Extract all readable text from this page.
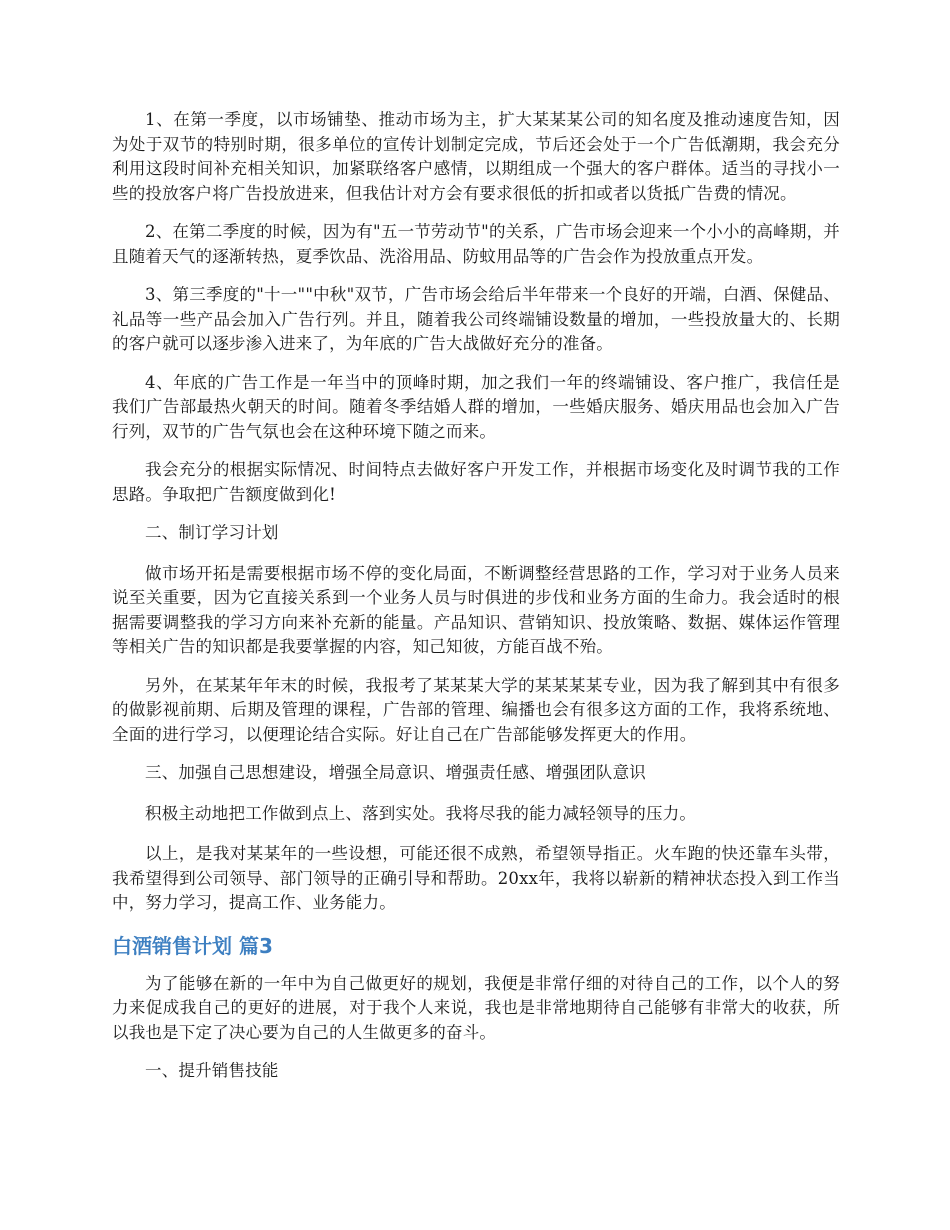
1、在第一季度，以市场铺垫、推动市场为主，扩大某某某公司的知名度及推动速度告知，因为处于双节的特别时期，很多单位的宣传计划制定完成，节后还会处于一个广告低潮期，我会充分利用这段时间补充相关知识，加紧联络客户感情，以期组成一个强大的客户群体。适当的寻找小一些的投放客户将广告投放进来，但我估计对方会有要求很低的折扣或者以货抵广告费的情况。

2、在第二季度的时候，因为有"五一节劳动节"的关系，广告市场会迎来一个小小的高峰期，并且随着天气的逐渐转热，夏季饮品、洗浴用品、防蚊用品等的广告会作为投放重点开发。

3、第三季度的"十一""中秋"双节，广告市场会给后半年带来一个良好的开端，白酒、保健品、礼品等一些产品会加入广告行列。并且，随着我公司终端铺设数量的增加，一些投放量大的、长期的客户就可以逐步渗入进来了，为年底的广告大战做好充分的准备。

4、年底的广告工作是一年当中的顶峰时期，加之我们一年的终端铺设、客户推广，我信任是我们广告部最热火朝天的时间。随着冬季结婚人群的增加，一些婚庆服务、婚庆用品也会加入广告行列，双节的广告气氛也会在这种环境下随之而来。

我会充分的根据实际情况、时间特点去做好客户开发工作，并根据市场变化及时调节我的工作思路。争取把广告额度做到化!

二、制订学习计划

做市场开拓是需要根据市场不停的变化局面，不断调整经营思路的工作，学习对于业务人员来说至关重要，因为它直接关系到一个业务人员与时俱进的步伐和业务方面的生命力。我会适时的根据需要调整我的学习方向来补充新的能量。产品知识、营销知识、投放策略、数据、媒体运作管理等相关广告的知识都是我要掌握的内容，知己知彼，方能百战不殆。

另外，在某某年年末的时候，我报考了某某某大学的某某某某专业，因为我了解到其中有很多的做影视前期、后期及管理的课程，广告部的管理、编播也会有很多这方面的工作，我将系统地、全面的进行学习，以便理论结合实际。好让自己在广告部能够发挥更大的作用。

三、加强自己思想建设，增强全局意识、增强责任感、增强团队意识

积极主动地把工作做到点上、落到实处。我将尽我的能力减轻领导的压力。

以上，是我对某某年的一些设想，可能还很不成熟，希望领导指正。火车跑的快还靠车头带，我希望得到公司领导、部门领导的正确引导和帮助。20xx年，我将以崭新的精神状态投入到工作当中，努力学习，提高工作、业务能力。

白酒销售计划 篇3

为了能够在新的一年中为自己做更好的规划，我便是非常仔细的对待自己的工作，以个人的努力来促成我自己的更好的进展，对于我个人来说，我也是非常地期待自己能够有非常大的收获，所以我也是下定了决心要为自己的人生做更多的奋斗。

一、提升销售技能
